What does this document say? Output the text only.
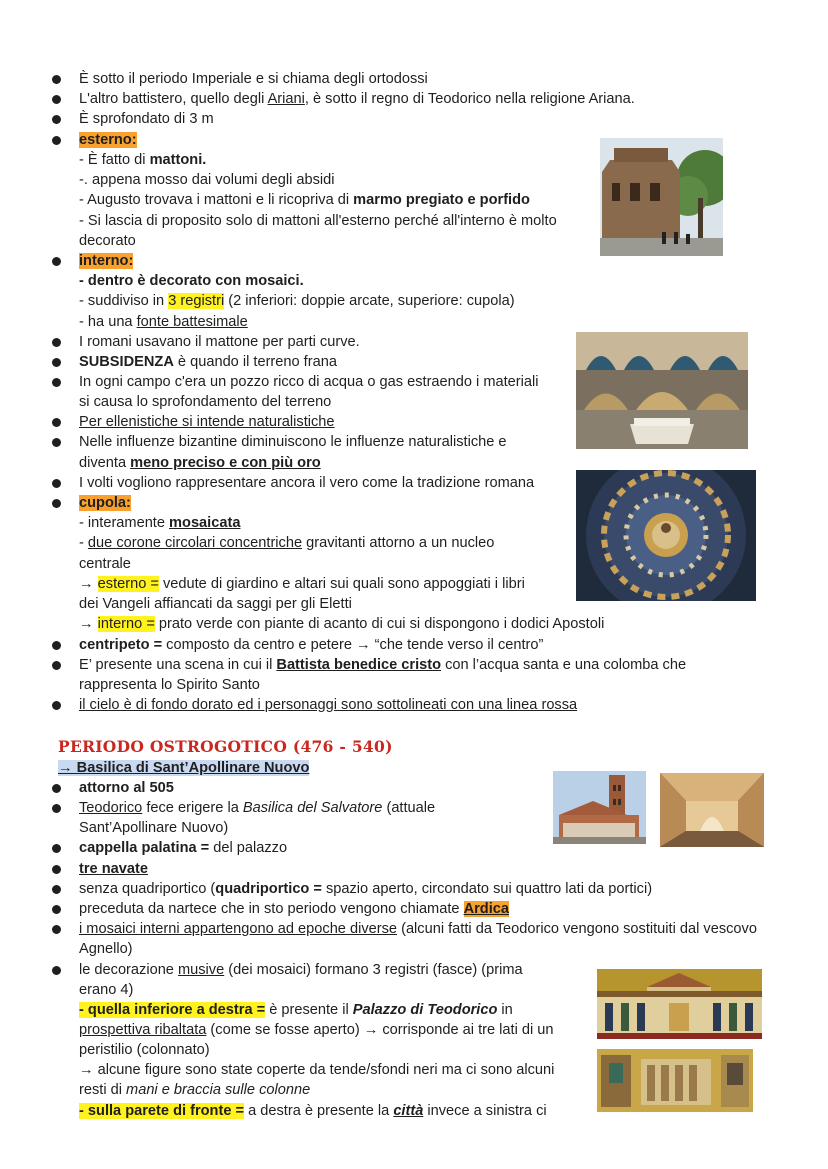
È sotto il periodo Imperiale e si chiama degli ortodossi
L'altro battistero, quello degli Ariani, è sotto il regno di Teodorico nella religione Ariana.
È sprofondato di 3 m
esterno:
- È fatto di mattoni.
-. appena mosso dai volumi degli absidi
- Augusto trovava i mattoni e li ricopriva di marmo pregiato e porfido
- Si lascia di proposito solo di mattoni all'esterno perché all'interno è molto
decorato
interno:
- dentro è decorato con mosaici.
- suddiviso in 3 registri (2 inferiori: doppie arcate, superiore: cupola)
- ha una fonte battesimale
I romani usavano il mattone per parti curve.
SUBSIDENZA è quando il terreno frana
In ogni campo c'era un pozzo ricco di acqua o gas estraendo i materiali
si causa lo sprofondamento del terreno
Per ellenistiche si intende naturalistiche
Nelle influenze bizantine diminuiscono le influenze naturalistiche e
diventa meno preciso e con più oro
I volti vogliono rappresentare ancora il vero come la tradizione romana
cupola:
- interamente mosaicata
- due corone circolari concentriche gravitanti attorno a un nucleo
centrale
→ esterno = vedute di giardino e altari sui quali sono appoggiati i libri
dei Vangeli affiancati da saggi per gli Eletti
→ interno = prato verde con piante di acanto di cui si dispongono i dodici Apostoli
centripeto = composto da centro e petere → “che tende verso il centro”
E’ presente una scena in cui il Battista benedice cristo con l’acqua santa e una colomba che
rappresenta lo Spirito Santo
il cielo è di fondo dorato ed i personaggi sono sottolineati con una linea rossa
PERIODO OSTROGOTICO (476 - 540)
→ Basilica di Sant’Apollinare Nuovo
attorno al 505
Teodorico fece erigere la Basilica del Salvatore (attuale
Sant’Apollinare Nuovo)
cappella palatina = del palazzo
tre navate
senza quadriportico (quadriportico = spazio aperto, circondato sui quattro lati da portici)
preceduta da nartece che in sto periodo vengono chiamate Ardica
i mosaici interni appartengono ad epoche diverse (alcuni fatti da Teodorico vengono sostituiti dal vescovo
Agnello)
le decorazione musive (dei mosaici) formano 3 registri (fasce) (prima
erano 4)
- quella inferiore a destra = è presente il Palazzo di Teodorico in
prospettiva ribaltata (come se fosse aperto) → corrisponde ai tre lati di un
peristilio (colonnato)
→ alcune figure sono state coperte da tende/sfondi neri ma ci sono alcuni
resti di mani e braccia sulle colonne
- sulla parete di fronte = a destra è presente la città invece a sinistra ci
